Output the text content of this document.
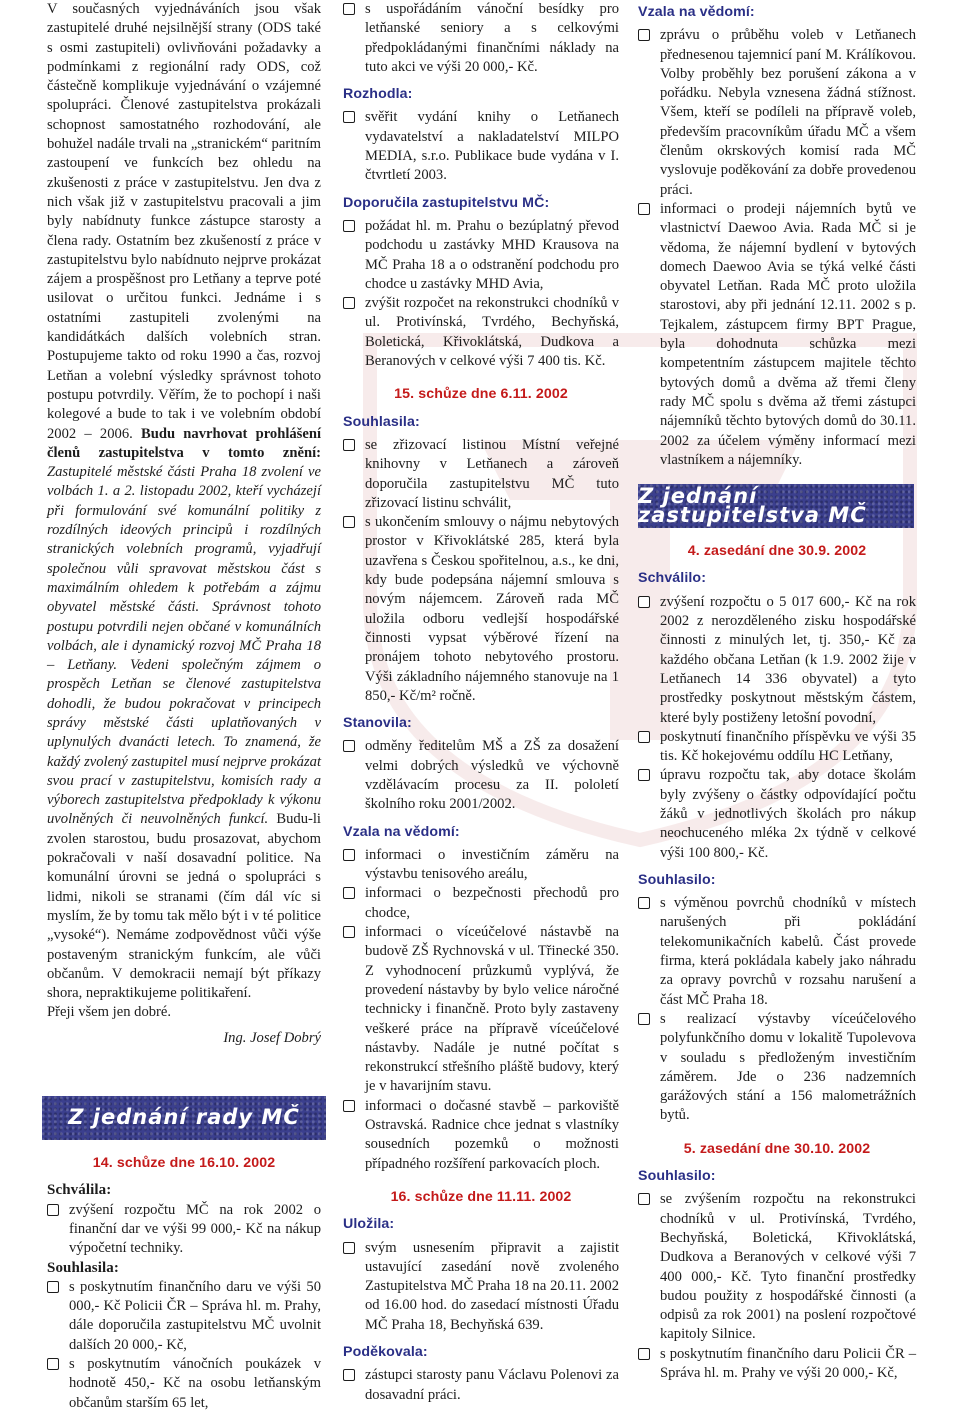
V současných vyjednáváních jsou však zastupitelé druhé nejsilnější strany (ODS také s osmi zastupiteli) ovlivňováni požadavky a podmínkami z regionální rady ODS, což částečně komplikuje vyjednávání o vzájemné spolupráci. Členové zastupitelstva prokázali schopnost samostatného rozhodování, ale bohužel nadále trvali na „stranickém“ paritním zastoupení ve funkcích bez ohledu na zkušenosti z práce v zastupitelstvu. Jen dva z nich však již v zastupitelstvu pracovali a jim byly nabídnuty funkce zástupce starosty a člena rady. Ostatním bez zkušeností z práce v zastupitelstvu bylo nabídnuto nejprve prokázat zájem a prospěšnost pro Letňany a teprve poté usilovat o určitou funkci. Jednáme i s ostatními zastupiteli zvolenými na kandidátkách dalších volebních stran. Postupujeme takto od roku 1990 a čas, rozvoj Letňan a volební výsledky správnost tohoto postupu potvrdily. Věřím, že to pochopí i naši kolegové a bude to tak i ve volebním období 2002 – 2006. Budu navrhovat prohlášení členů zastupitelstva v tomto znění: Zastupitelé městské části Praha 18 zvolení ve volbách 1. a 2. listopadu 2002, kteří vycházejí při formulování své komunální politiky z rozdílných ideových principů i rozdílných stranických volebních programů, vyjadřují společnou vůli spravovat městskou část s maximálním ohledem k potřebám a zájmu obyvatel městské části. Správnost tohoto postupu potvrdili nejen občané v komunálních volbách, ale i dynamický rozvoj MČ Praha 18 – Letňany. Vedeni společným zájmem o prospěch Letňan se členové zastupitelstva dohodli, že budou pokračovat v principech správy městské části uplatňovaných v uplynulých dvanácti letech. To znamená, že každý zvolený zastupitel musí nejprve prokázat svou prací v zastupitelstvu, komisích rady a výborech zastupitelstva předpoklady k výkonu uvolněných či neuvolněných funkcí. Budu-li zvolen starostou, budu prosazovat, abychom pokračovali v naší dosavadní politice. Na komunální úrovni se jedná o spolupráci s lidmi, nikoli se stranami (čím dál víc si myslím, že by tomu tak mělo být i v té politice „vysoké“). Nemáme zodpovědnost vůči výše postaveným stranickým funkcím, ale vůči občanům. V demokracii nemají být příkazy shora, nepraktikujeme politikaření.

Přeji všem jen dobré.

Ing. Josef Dobrý

Z jednání rady MČ
14. schůze dne 16.10. 2002
Schválila:
zvýšení rozpočtu MČ na rok 2002 o finanční dar ve výši 99 000,- Kč na nákup výpočetní techniky.
Souhlasila:
s poskytnutím finančního daru ve výši 50 000,- Kč Policii ČR – Správa hl. m. Prahy, dále doporučila zastupitelstvu MČ uvolnit dalších 20 000,- Kč,
s poskytnutím vánočních poukázek v hodnotě 450,- Kč na osobu letňanským občanům starším 65 let,
s uspořádáním vánoční besídky pro letňanské seniory a s celkovými předpokládanými finančními náklady na tuto akci ve výši 20 000,- Kč.
Rozhodla:
svěřit vydání knihy o Letňanech vydavatelství a nakladatelství MILPO MEDIA, s.r.o. Publikace bude vydána v I. čtvrtletí 2003.
Doporučila zastupitelstvu MČ:
požádat hl. m. Prahu o bezúplatný převod podchodu u zastávky MHD Krausova na MČ Praha 18 a o odstranění podchodu pro chodce u zastávky MHD Avia,
zvýšit rozpočet na rekonstrukci chodníků v ul. Protivínská, Tvrdého, Bechyňská, Boletická, Křivoklátská, Dudkova a Beranových v celkové výši 7 400 tis. Kč.
15. schůze dne 6.11. 2002
Souhlasila:
se zřizovací listinou Místní veřejné knihovny v Letňanech a zároveň doporučila zastupitelstvu MČ tuto zřizovací listinu schválit,
s ukončením smlouvy o nájmu nebytových prostor v Křivoklátské 285, která byla uzavřena s Českou spořitelnou, a.s., ke dni, kdy bude podepsána nájemní smlouva s novým nájemcem. Zároveň rada MČ uložila odboru vedlejší hospodářské činnosti vypsat výběrové řízení na pronájem tohoto nebytového prostoru. Výši základního nájemného stanovuje na 1 850,- Kč/m² ročně.
Stanovila:
odměny ředitelům MŠ a ZŠ za dosažení velmi dobrých výsledků ve výchovně vzdělávacím procesu za II. pololetí školního roku 2001/2002.
Vzala na vědomí:
informaci o investičním záměru na výstavbu tenisového areálu,
informaci o bezpečnosti přechodů pro chodce,
informaci o víceúčelové nástavbě na budově ZŠ Rychnovská v ul. Třinecké 350. Z vyhodnocení průzkumů vyplývá, že provedení nástavby by bylo velice náročné technicky i finančně. Proto byly zastaveny veškeré práce na přípravě víceúčelové nástavby. Nadále je nutné počítat s rekonstrukcí střešního pláště budovy, který je v havarijním stavu.
informaci o dočasné stavbě – parkoviště Ostravská. Radnice chce jednat s vlastníky sousedních pozemků o možnosti případného rozšíření parkovacích ploch.
16. schůze dne 11.11. 2002
Uložila:
svým usnesením připravit a zajistit ustavující zasedání nově zvoleného Zastupitelstva MČ Praha 18 na 20.11. 2002 od 16.00 hod. do zasedací místnosti Úřadu MČ Praha 18, Bechyňská 639.
Poděkovala:
zástupci starosty panu Václavu Polenovi za dosavadní práci.
Vzala na vědomí:
zprávu o průběhu voleb v Letňanech přednesenou tajemnicí paní M. Králíkovou. Volby proběhly bez porušení zákona a v pořádku. Nebyla vznesena žádná stížnost. Všem, kteří se podíleli na přípravě voleb, především pracovníkům úřadu MČ a všem členům okrskových komisí rada MČ vyslovuje poděkování za dobře provedenou práci.
informaci o prodeji nájemních bytů ve vlastnictví Daewoo Avia. Rada MČ si je vědoma, že nájemní bydlení v bytových domech Daewoo Avia se týká velké části obyvatel Letňan. Rada MČ proto uložila starostovi, aby při jednání 12.11. 2002 s p. Tejkalem, zástupcem firmy BPT Prague, byla dohodnuta schůzka mezi kompetentním zástupcem majitele těchto bytových domů a dvěma až třemi členy rady MČ spolu s dvěma až třemi zástupci nájemníků těchto bytových domů do 30.11. 2002 za účelem výměny informací mezi vlastníkem a nájemníky.
Z jednání zastupitelstva MČ
4. zasedání dne 30.9. 2002
Schválilo:
zvýšení rozpočtu o 5 017 600,- Kč na rok 2002 z nerozděleného zisku hospodářské činnosti z minulých let, tj. 350,- Kč za každého občana Letňan (k 1.9. 2002 žije v Letňanech 14 336 obyvatel) a tyto prostředky poskytnout městským částem, které byly postiženy letošní povodní,
poskytnutí finančního příspěvku ve výši 35 tis. Kč hokejovému oddílu HC Letňany,
úpravu rozpočtu tak, aby dotace školám byly zvýšeny o částky odpovídající počtu žáků v jednotlivých školách pro nákup neochuceného mléka 2x týdně v celkové výši 100 800,- Kč.
Souhlasilo:
s výměnou povrchů chodníků v místech narušených při pokládání telekomunikačních kabelů. Část provede firma, která pokládala kabely jako náhradu za opravy povrchů v rozsahu narušení a část MČ Praha 18.
s realizací výstavby víceúčelového polyfunkčního domu v lokalitě Tupolevova v souladu s předloženým investičním záměrem. Jde o 236 nadzemních garážových stání a 156 malometrážních bytů.
5. zasedání dne 30.10. 2002
Souhlasilo:
se zvýšením rozpočtu na rekonstrukci chodníků v ul. Protivínská, Tvrdého, Bechyňská, Boletická, Křivoklátská, Dudkova a Beranových v celkové výši 7 400 000,- Kč. Tyto finanční prostředky budou použity z hospodářské činnosti (a odpisů za rok 2001) na poslení rozpočtové kapitoly Silnice.
s poskytnutím finančního daru Policii ČR – Správa hl. m. Prahy ve výši 20 000,- Kč,
